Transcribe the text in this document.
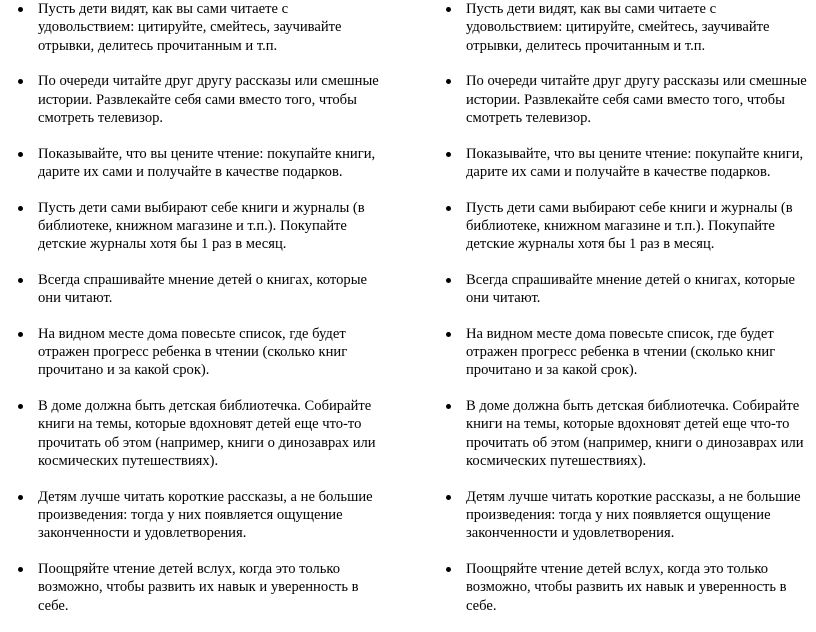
Пусть дети видят, как вы сами читаете с удовольствием: цитируйте, смейтесь, заучивайте отрывки, делитесь прочитанным и т.п.
По очереди читайте друг другу рассказы или смешные истории. Развлекайте себя сами вместо того, чтобы смотреть телевизор.
Показывайте, что вы цените чтение: покупайте книги, дарите их сами и получайте в качестве подарков.
Пусть дети сами выбирают себе книги и журналы (в библиотеке, книжном магазине и т.п.). Покупайте детские журналы хотя бы 1 раз в месяц.
Всегда спрашивайте мнение детей о книгах, которые они читают.
На видном месте дома повесьте список, где будет отражен прогресс ребенка в чтении (сколько книг прочитано и за какой срок).
В доме должна быть детская библиотечка. Собирайте книги на темы, которые вдохновят детей еще что-то прочитать об этом (например, книги о динозаврах или космических путешествиях).
Детям лучше читать короткие рассказы, а не большие произведения: тогда у них появляется ощущение законченности и удовлетворения.
Поощряйте чтение детей вслух, когда это только возможно, чтобы развить их навык и уверенность в себе.
Пусть дети видят, как вы сами читаете с удовольствием: цитируйте, смейтесь, заучивайте отрывки, делитесь прочитанным и т.п.
По очереди читайте друг другу рассказы или смешные истории. Развлекайте себя сами вместо того, чтобы смотреть телевизор.
Показывайте, что вы цените чтение: покупайте книги, дарите их сами и получайте в качестве подарков.
Пусть дети сами выбирают себе книги и журналы (в библиотеке, книжном магазине и т.п.). Покупайте детские журналы хотя бы 1 раз в месяц.
Всегда спрашивайте мнение детей о книгах, которые они читают.
На видном месте дома повесьте список, где будет отражен прогресс ребенка в чтении (сколько книг прочитано и за какой срок).
В доме должна быть детская библиотечка. Собирайте книги на темы, которые вдохновят детей еще что-то прочитать об этом (например, книги о динозаврах или космических путешествиях).
Детям лучше читать короткие рассказы, а не большие произведения: тогда у них появляется ощущение законченности и удовлетворения.
Поощряйте чтение детей вслух, когда это только возможно, чтобы развить их навык и уверенность в себе.
